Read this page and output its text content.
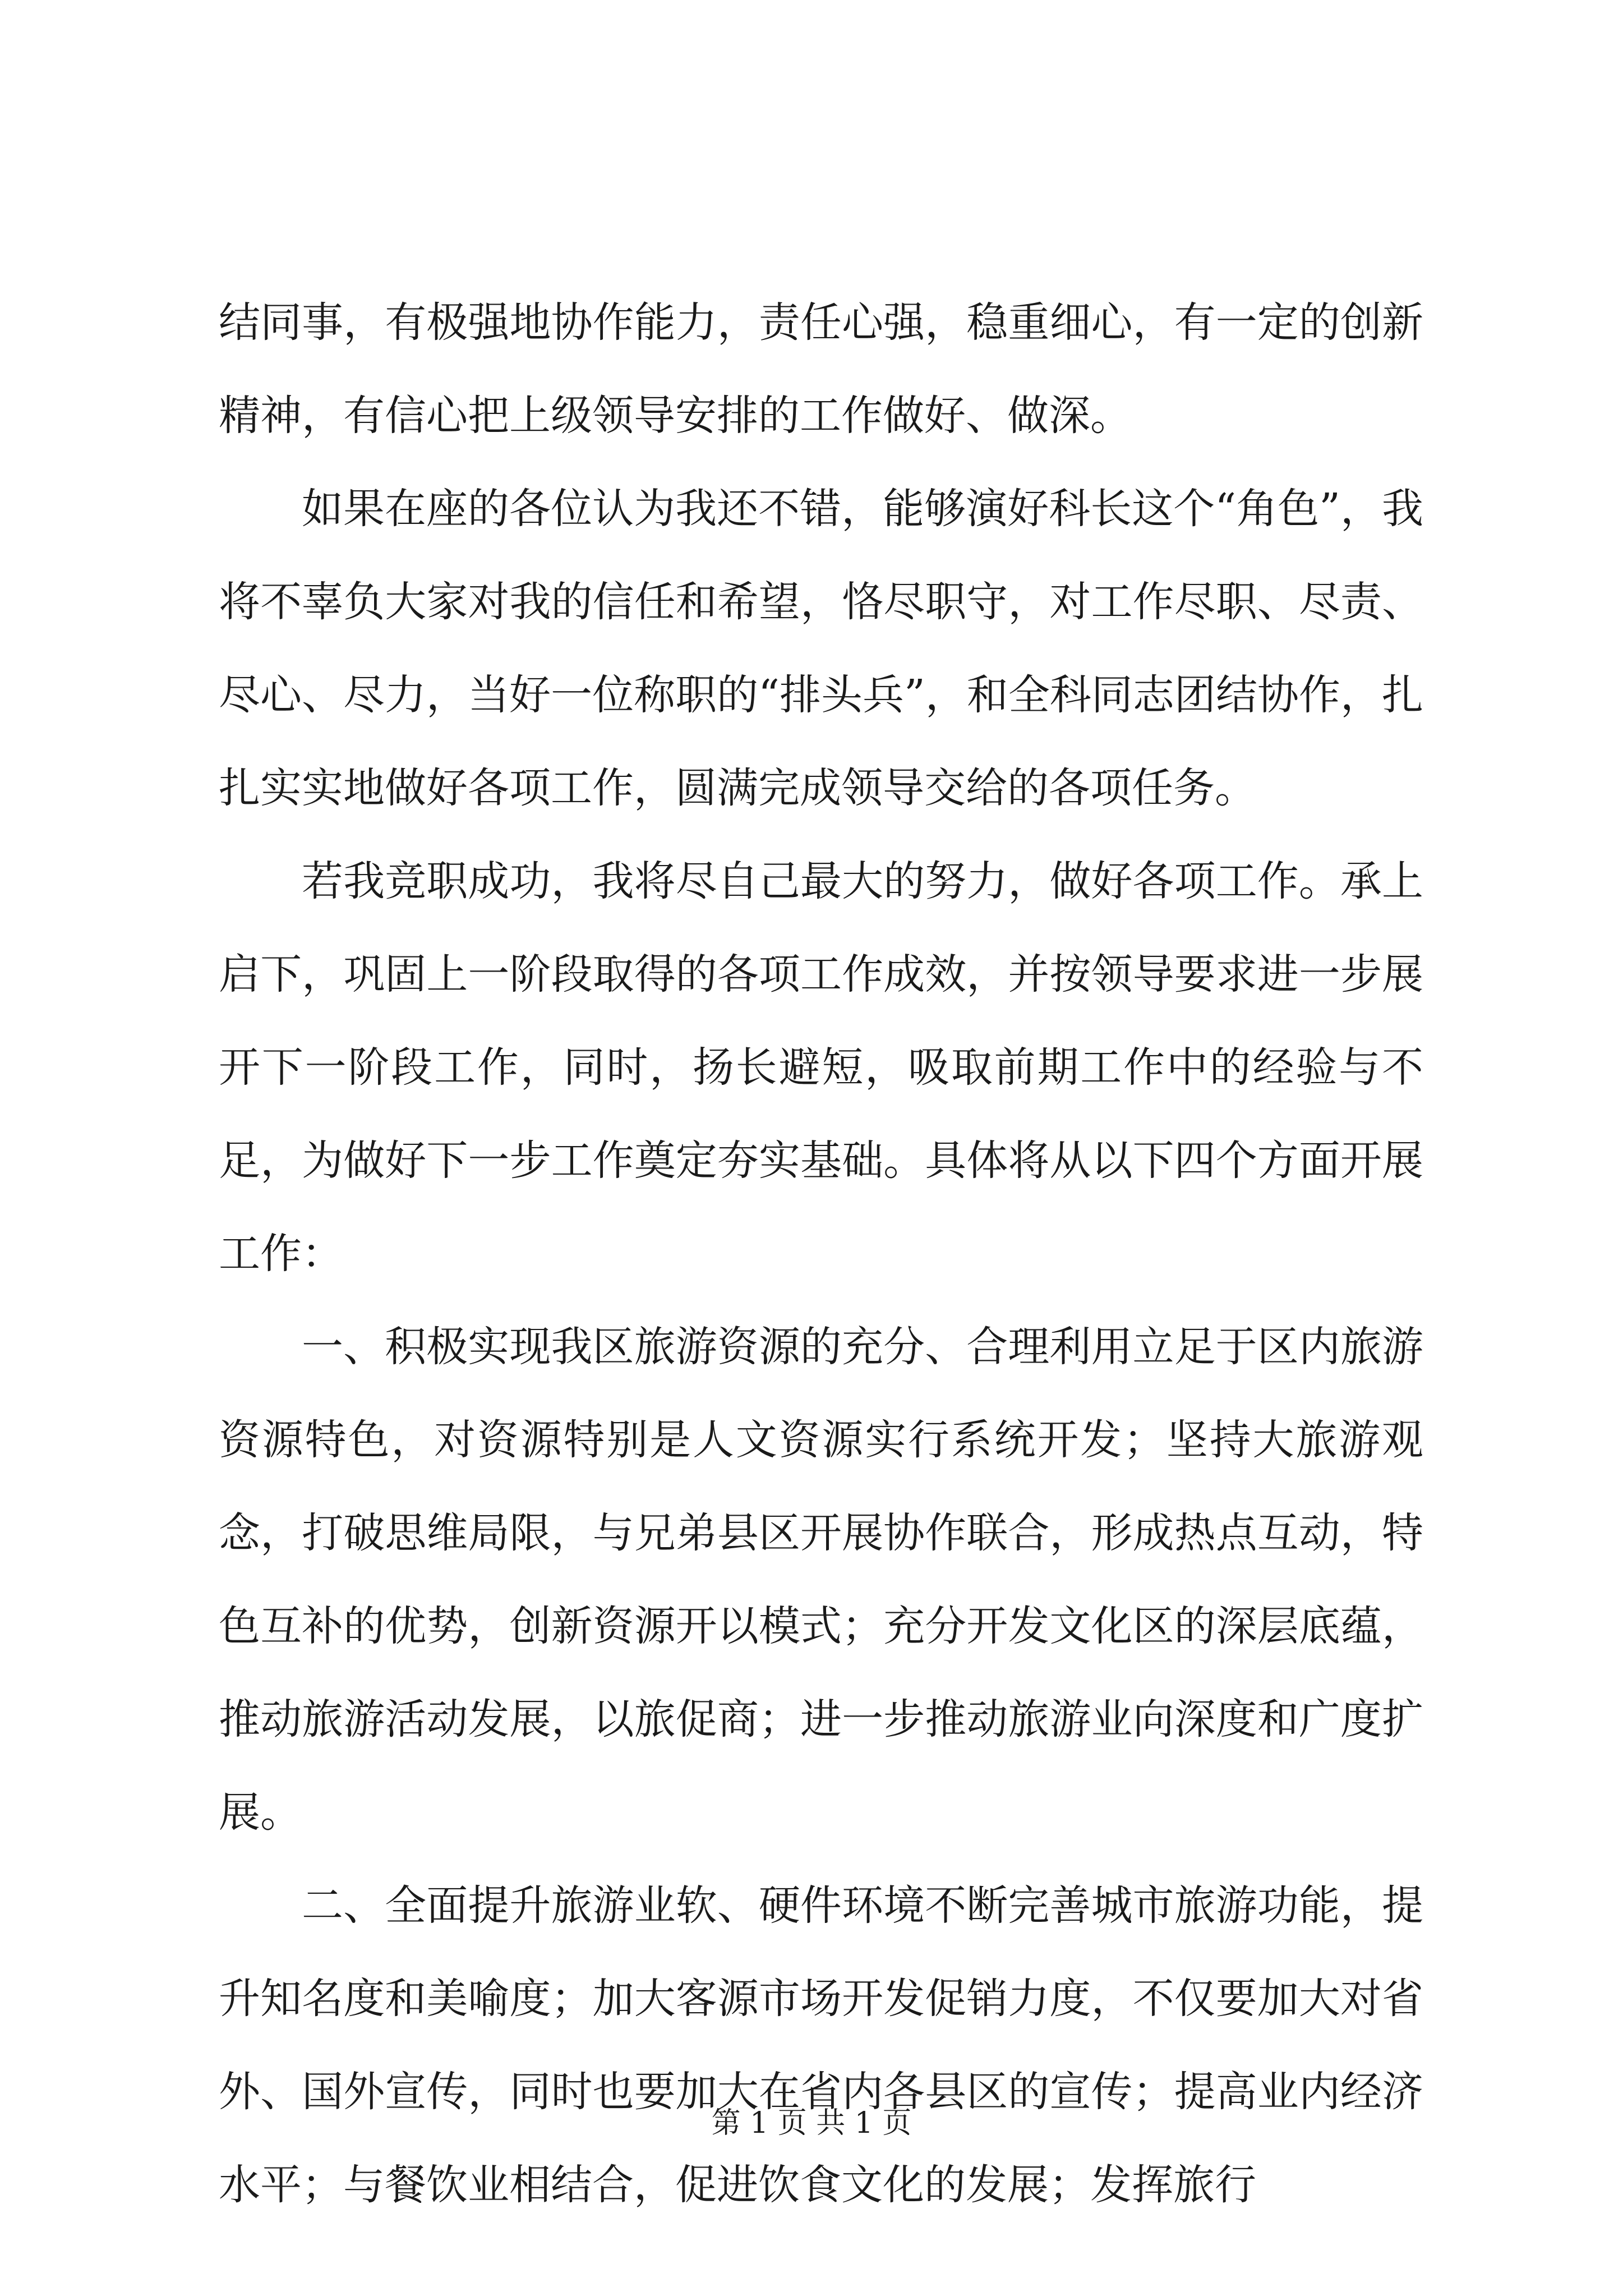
结同事，有极强地协作能力，责任心强，稳重细心，有一定的创新精神，有信心把上级领导安排的工作做好、做深。

如果在座的各位认为我还不错，能够演好科长这个“角色”，我将不辜负大家对我的信任和希望，恪尽职守，对工作尽职、尽责、尽心、尽力，当好一位称职的“排头兵”，和全科同志团结协作，扎扎实实地做好各项工作，圆满完成领导交给的各项任务。

若我竞职成功，我将尽自己最大的努力，做好各项工作。承上启下，巩固上一阶段取得的各项工作成效，并按领导要求进一步展开下一阶段工作，同时，扬长避短，吸取前期工作中的经验与不足，为做好下一步工作奠定夯实基础。具体将从以下四个方面开展工作：

一、积极实现我区旅游资源的充分、合理利用立足于区内旅游资源特色，对资源特别是人文资源实行系统开发；坚持大旅游观念，打破思维局限，与兄弟县区开展协作联合，形成热点互动，特色互补的优势，创新资源开以模式；充分开发文化区的深层底蕴，推动旅游活动发展，以旅促商；进一步推动旅游业向深度和广度扩展。

二、全面提升旅游业软、硬件环境不断完善城市旅游功能，提升知名度和美喻度；加大客源市场开发促销力度，不仅要加大对省外、国外宣传，同时也要加大在省内各县区的宣传；提高业内经济水平；与餐饮业相结合，促进饮食文化的发展；发挥旅行

第 1 页 共 1 页
